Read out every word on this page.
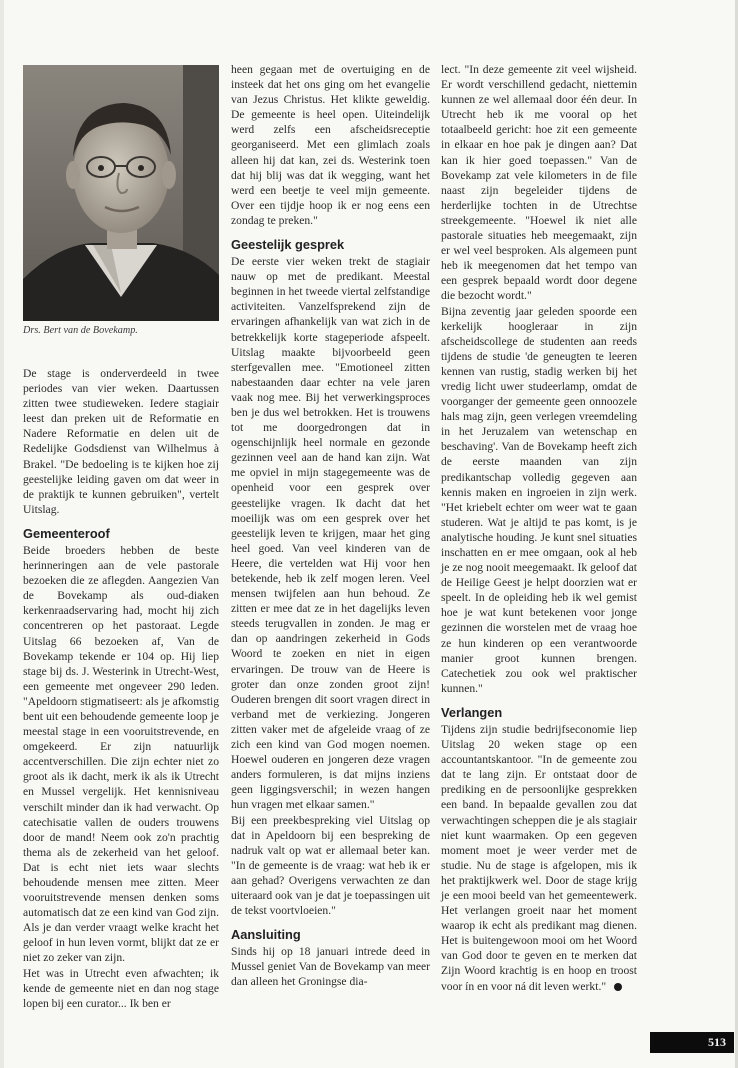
Drs. Bert van de Bovekamp.

De stage is onderverdeeld in twee periodes van vier weken. Daartussen zitten twee studieweken. Iedere stagiair leest dan preken uit de Reformatie en Nadere Reformatie en delen uit de Redelijke Godsdienst van Wilhelmus à Brakel. "De bedoeling is te kijken hoe zij geestelijke leiding gaven om dat weer in de praktijk te kunnen gebruiken", vertelt Uitslag.

Gemeenteroof

Beide broeders hebben de beste herinneringen aan de vele pastorale bezoeken die ze aflegden. Aangezien Van de Bovekamp als oud-diaken kerkenraadservaring had, mocht hij zich concentreren op het pastoraat. Legde Uitslag 66 bezoeken af, Van de Bovekamp tekende er 104 op. Hij liep stage bij ds. J. Westerink in Utrecht-West, een gemeente met ongeveer 290 leden. "Apeldoorn stigmatiseert: als je afkomstig bent uit een behoudende gemeente loop je meestal stage in een vooruitstrevende, en omgekeerd. Er zijn natuurlijk accentverschillen. Die zijn echter niet zo groot als ik dacht, merk ik als ik Utrecht en Mussel vergelijk. Het kennisniveau verschilt minder dan ik had verwacht. Op catechisatie vallen de ouders trouwens door de mand! Neem ook zo'n prachtig thema als de zekerheid van het geloof. Dat is echt niet iets waar slechts behoudende mensen mee zitten. Meer vooruitstrevende mensen denken soms automatisch dat ze een kind van God zijn. Als je dan verder vraagt welke kracht het geloof in hun leven vormt, blijkt dat ze er niet zo zeker van zijn.

Het was in Utrecht even afwachten; ik kende de gemeente niet en dan nog stage lopen bij een curator... Ik ben er

heen gegaan met de overtuiging en de insteek dat het ons ging om het evangelie van Jezus Christus. Het klikte geweldig. De gemeente is heel open. Uiteindelijk werd zelfs een afscheidsreceptie georganiseerd. Met een glimlach zoals alleen hij dat kan, zei ds. Westerink toen dat hij blij was dat ik wegging, want het werd een beetje te veel mijn gemeente. Over een tijdje hoop ik er nog eens een zondag te preken."

Geestelijk gesprek

De eerste vier weken trekt de stagiair nauw op met de predikant. Meestal beginnen in het tweede viertal zelfstandige activiteiten. Vanzelfsprekend zijn de ervaringen afhankelijk van wat zich in de betrekkelijk korte stageperiode afspeelt. Uitslag maakte bijvoorbeeld geen sterfgevallen mee. "Emotioneel zitten nabestaanden daar echter na vele jaren vaak nog mee. Bij het verwerkingsproces ben je dus wel betrokken. Het is trouwens tot me doorgedrongen dat in ogenschijnlijk heel normale en gezonde gezinnen veel aan de hand kan zijn. Wat me opviel in mijn stagegemeente was de openheid voor een gesprek over geestelijke vragen. Ik dacht dat het moeilijk was om een gesprek over het geestelijk leven te krijgen, maar het ging heel goed. Van veel kinderen van de Heere, die vertelden wat Hij voor hen betekende, heb ik zelf mogen leren. Veel mensen twijfelen aan hun behoud. Ze zitten er mee dat ze in het dagelijks leven steeds terugvallen in zonden. Je mag er dan op aandringen zekerheid in Gods Woord te zoeken en niet in eigen ervaringen. De trouw van de Heere is groter dan onze zonden groot zijn! Ouderen brengen dit soort vragen direct in verband met de verkiezing. Jongeren zitten vaker met de afgeleide vraag of ze zich een kind van God mogen noemen. Hoewel ouderen en jongeren deze vragen anders formuleren, is dat mijns inziens geen liggingsverschil; in wezen hangen hun vragen met elkaar samen."

Bij een preekbespreking viel Uitslag op dat in Apeldoorn bij een bespreking de nadruk valt op wat er allemaal beter kan. "In de gemeente is de vraag: wat heb ik er aan gehad? Overigens verwachten ze dan uiteraard ook van je dat je toepassingen uit de tekst voortvloeien."

Aansluiting

Sinds hij op 18 januari intrede deed in Mussel geniet Van de Bovekamp van meer dan alleen het Groningse dia-

lect. "In deze gemeente zit veel wijsheid. Er wordt verschillend gedacht, niettemin kunnen ze wel allemaal door één deur. In Utrecht heb ik me vooral op het totaalbeeld gericht: hoe zit een gemeente in elkaar en hoe pak je dingen aan? Dat kan ik hier goed toepassen." Van de Bovekamp zat vele kilometers in de file naast zijn begeleider tijdens de herderlijke tochten in de Utrechtse streekgemeente. "Hoewel ik niet alle pastorale situaties heb meegemaakt, zijn er wel veel besproken. Als algemeen punt heb ik meegenomen dat het tempo van een gesprek bepaald wordt door degene die bezocht wordt."

Bijna zeventig jaar geleden spoorde een kerkelijk hoogleraar in zijn afscheidscollege de studenten aan reeds tijdens de studie 'de geneugten te leeren kennen van rustig, stadig werken bij het vredig licht uwer studeerlamp, omdat de voorganger der gemeente geen onnoozele hals mag zijn, geen verlegen vreemdeling in het Jeruzalem van wetenschap en beschaving'. Van de Bovekamp heeft zich de eerste maanden van zijn predikantschap volledig gegeven aan kennis maken en ingroeien in zijn werk. "Het kriebelt echter om weer wat te gaan studeren. Wat je altijd te pas komt, is je analytische houding. Je kunt snel situaties inschatten en er mee omgaan, ook al heb je ze nog nooit meegemaakt. Ik geloof dat de Heilige Geest je helpt doorzien wat er speelt. In de opleiding heb ik wel gemist hoe je wat kunt betekenen voor jonge gezinnen die worstelen met de vraag hoe ze hun kinderen op een verantwoorde manier groot kunnen brengen. Catechetiek zou ook wel praktischer kunnen."

Verlangen

Tijdens zijn studie bedrijfseconomie liep Uitslag 20 weken stage op een accountantskantoor. "In de gemeente zou dat te lang zijn. Er ontstaat door de prediking en de persoonlijke gesprekken een band. In bepaalde gevallen zou dat verwachtingen scheppen die je als stagiair niet kunt waarmaken. Op een gegeven moment moet je weer verder met de studie. Nu de stage is afgelopen, mis ik het praktijkwerk wel. Door de stage krijg je een mooi beeld van het gemeentewerk. Het verlangen groeit naar het moment waarop ik echt als predikant mag dienen. Het is buitengewoon mooi om het Woord van God door te geven en te merken dat Zijn Woord krachtig is en hoop en troost voor ín en voor ná dit leven werkt."

513
